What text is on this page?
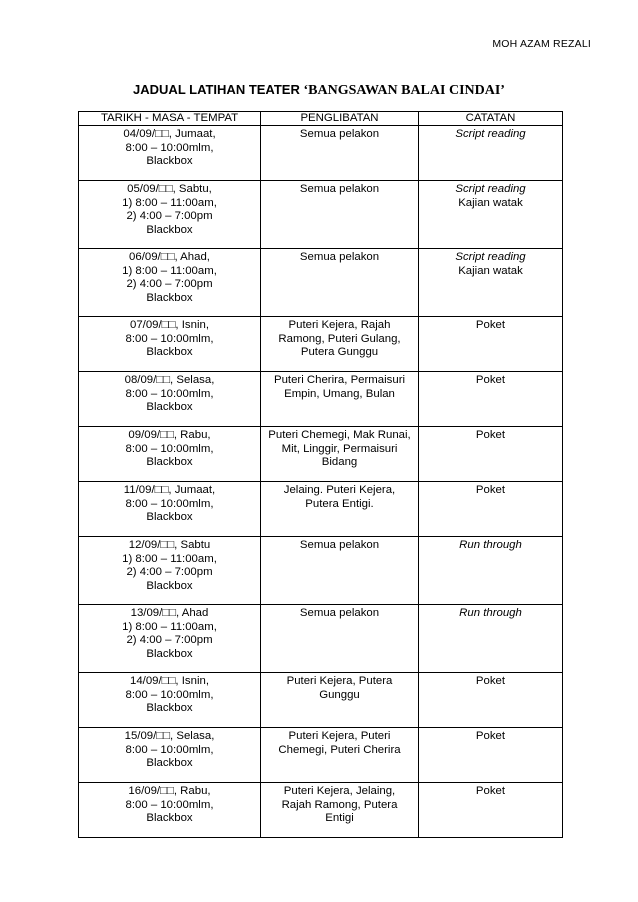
MOH AZAM REZALI
JADUAL LATIHAN TEATER ‘BANGSAWAN BALAI CINDAI’
TARIKH - MASA - TEMPAT	PENGLIBATAN	CATATAN

04/09/□□, Jumaat,
8:00 – 10:00mlm,
Blackbox	Semua pelakon	Script reading

05/09/□□, Sabtu,
1) 8:00 – 11:00am,
2) 4:00 – 7:00pm
Blackbox	Semua pelakon	Script reading
Kajian watak

06/09/□□, Ahad,
1) 8:00 – 11:00am,
2) 4:00 – 7:00pm
Blackbox	Semua pelakon	Script reading
Kajian watak

07/09/□□, Isnin,
8:00 – 10:00mlm,
Blackbox	Puteri Kejera, Rajah
Ramong, Puteri Gulang,
Putera Gunggu	Poket

08/09/□□, Selasa,
8:00 – 10:00mlm,
Blackbox	Puteri Cherira, Permaisuri
Empin, Umang, Bulan	Poket

09/09/□□, Rabu,
8:00 – 10:00mlm,
Blackbox	Puteri Chemegi, Mak Runai,
Mit, Linggir, Permaisuri
Bidang	Poket

11/09/□□, Jumaat,
8:00 – 10:00mlm,
Blackbox	Jelaing. Puteri Kejera,
Putera Entigi.	Poket

12/09/□□, Sabtu
1) 8:00 – 11:00am,
2) 4:00 – 7:00pm
Blackbox	Semua pelakon	Run through

13/09/□□, Ahad
1) 8:00 – 11:00am,
2) 4:00 – 7:00pm
Blackbox	Semua pelakon	Run through

14/09/□□, Isnin,
8:00 – 10:00mlm,
Blackbox	Puteri Kejera, Putera
Gunggu	Poket

15/09/□□, Selasa,
8:00 – 10:00mlm,
Blackbox	Puteri Kejera, Puteri
Chemegi, Puteri Cherira	Poket

16/09/□□, Rabu,
8:00 – 10:00mlm,
Blackbox	Puteri Kejera, Jelaing,
Rajah Ramong, Putera
Entigi	Poket
